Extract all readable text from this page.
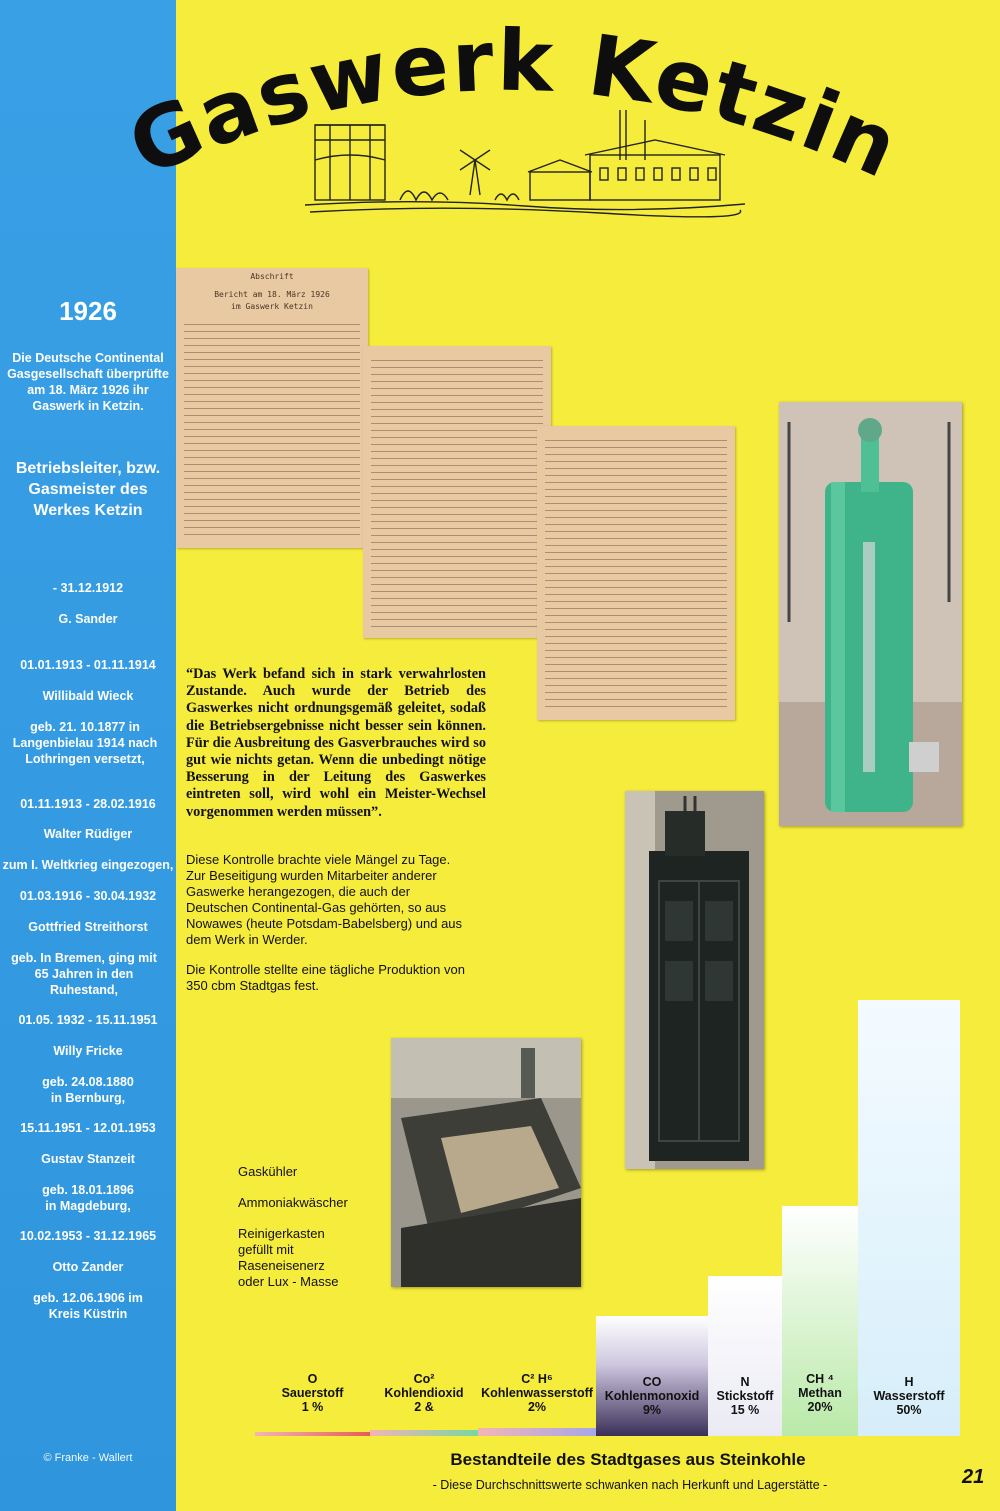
1926
Die Deutsche Continental Gasgesellschaft überprüfte am 18. März 1926 ihr Gaswerk in Ketzin.
Betriebsleiter, bzw. Gasmeister des Werkes Ketzin
- 31.12.1912
G. Sander
01.01.1913 - 01.11.1914
Willibald Wieck
geb. 21. 10.1877 in Langenbielau 1914 nach Lothringen versetzt,
01.11.1913 - 28.02.1916
Walter Rüdiger
zum I. Weltkrieg eingezogen,
01.03.1916 - 30.04.1932
Gottfried Streithorst
geb. In Bremen, ging mit 65 Jahren in den Ruhestand,
01.05. 1932 - 15.11.1951
Willy Fricke
geb. 24.08.1880 in Bernburg,
15.11.1951 - 12.01.1953
Gustav Stanzeit
geb. 18.01.1896 in Magdeburg,
10.02.1953 - 31.12.1965
Otto Zander
geb. 12.06.1906 im Kreis Küstrin
© Franke - Wallert
Gaswerk Ketzin
Abschrift
Bericht am 18. März 1926
im Gaswerk Ketzin
“Das Werk befand sich in stark verwahrlosten Zustande. Auch wurde der Betrieb des Gaswerkes nicht ordnungsgemäß geleitet, sodaß die Betriebsergebnisse nicht besser sein können. Für die Ausbreitung des Gasverbrauches wird so gut wie nichts getan. Wenn die unbedingt nötige Besserung in der Leitung des Gaswerkes eintreten soll, wird wohl ein Meister-Wechsel vorgenommen werden müssen”.
Diese Kontrolle brachte viele Mängel zu Tage. Zur Beseitigung wurden Mitarbeiter anderer Gaswerke herangezogen, die auch der Deutschen Continental-Gas gehörten, so aus Nowawes (heute Potsdam-Babelsberg) und aus dem Werk in Werder.
Die Kontrolle stellte eine tägliche Produktion von 350 cbm Stadtgas fest.
Gaskühler
Ammoniakwäscher
Reinigerkasten gefüllt mit Raseneisenerz oder Lux - Masse
O
Sauerstoff
1 %
Co²
Kohlendioxid
2 &
C² H⁶
Kohlenwasserstoff
2%
CO
Kohlenmonoxid
9%
N
Stickstoff
15 %
CH ⁴
Methan
20%
H
Wasserstoff
50%
Bestandteile des Stadtgases aus Steinkohle
- Diese Durchschnittswerte schwanken nach Herkunft und Lagerstätte -	21
